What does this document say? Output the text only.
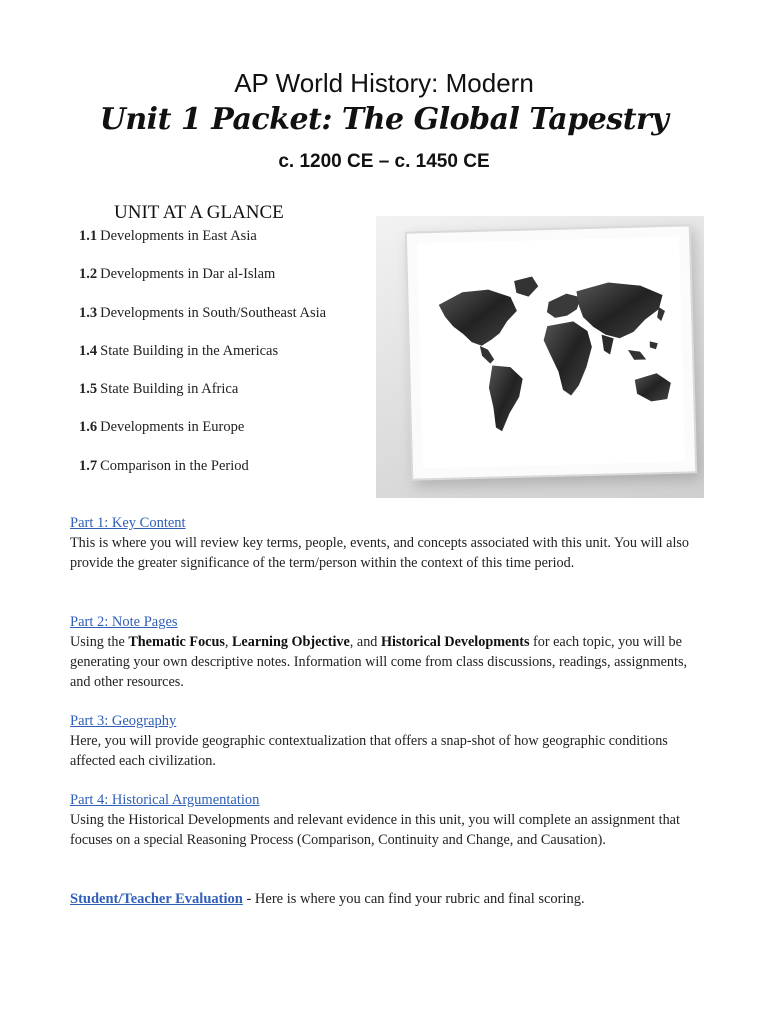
AP World History: Modern
Unit 1 Packet: The Global Tapestry
c. 1200 CE – c. 1450 CE
UNIT AT A GLANCE
1.1 Developments in East Asia
1.2 Developments in Dar al-Islam
1.3 Developments in South/Southeast Asia
1.4 State Building in the Americas
1.5 State Building in Africa
1.6 Developments in Europe
1.7 Comparison in the Period
Part 1: Key Content
This is where you will review key terms, people, events, and concepts associated with this unit. You will also provide the greater significance of the term/person within the context of this time period.
Part 2: Note Pages
Using the Thematic Focus, Learning Objective, and Historical Developments for each topic, you will be generating your own descriptive notes. Information will come from class discussions, readings, assignments, and other resources.
Part 3: Geography
Here, you will provide geographic contextualization that offers a snap-shot of how geographic conditions affected each civilization.
Part 4: Historical Argumentation
Using the Historical Developments and relevant evidence in this unit, you will complete an assignment that focuses on a special Reasoning Process (Comparison, Continuity and Change, and Causation).
Student/Teacher Evaluation - Here is where you can find your rubric and final scoring.
